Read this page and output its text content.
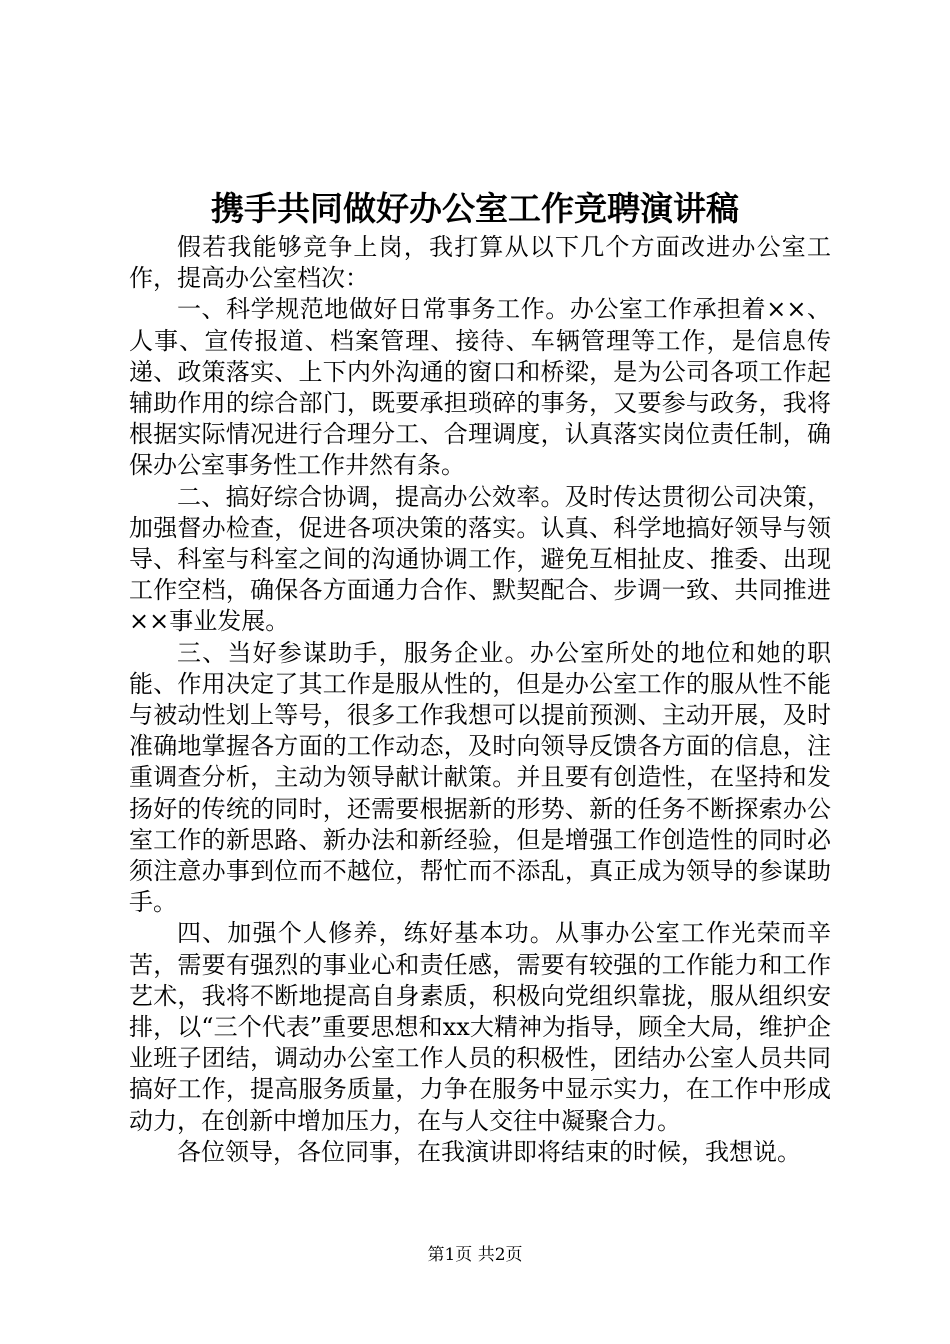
携手共同做好办公室工作竞聘演讲稿

假若我能够竞争上岗，我打算从以下几个方面改进办公室工作，提高办公室档次：

一、科学规范地做好日常事务工作。办公室工作承担着××、人事、宣传报道、档案管理、接待、车辆管理等工作，是信息传递、政策落实、上下内外沟通的窗口和桥梁，是为公司各项工作起辅助作用的综合部门，既要承担琐碎的事务，又要参与政务，我将根据实际情况进行合理分工、合理调度，认真落实岗位责任制，确保办公室事务性工作井然有条。

二、搞好综合协调，提高办公效率。及时传达贯彻公司决策，加强督办检查，促进各项决策的落实。认真、科学地搞好领导与领导、科室与科室之间的沟通协调工作，避免互相扯皮、推委、出现工作空档，确保各方面通力合作、默契配合、步调一致、共同推进××事业发展。

三、当好参谋助手，服务企业。办公室所处的地位和她的职能、作用决定了其工作是服从性的，但是办公室工作的服从性不能与被动性划上等号，很多工作我想可以提前预测、主动开展，及时准确地掌握各方面的工作动态，及时向领导反馈各方面的信息，注重调查分析，主动为领导献计献策。并且要有创造性，在坚持和发扬好的传统的同时，还需要根据新的形势、新的任务不断探索办公室工作的新思路、新办法和新经验，但是增强工作创造性的同时必须注意办事到位而不越位，帮忙而不添乱，真正成为领导的参谋助手。

四、加强个人修养，练好基本功。从事办公室工作光荣而辛苦，需要有强烈的事业心和责任感，需要有较强的工作能力和工作艺术，我将不断地提高自身素质，积极向党组织靠拢，服从组织安排，以“三个代表”重要思想和xx大精神为指导，顾全大局，维护企业班子团结，调动办公室工作人员的积极性，团结办公室人员共同搞好工作，提高服务质量，力争在服务中显示实力，在工作中形成动力，在创新中增加压力，在与人交往中凝聚合力。

各位领导，各位同事，在我演讲即将结束的时候，我想说。

第1页 共2页
